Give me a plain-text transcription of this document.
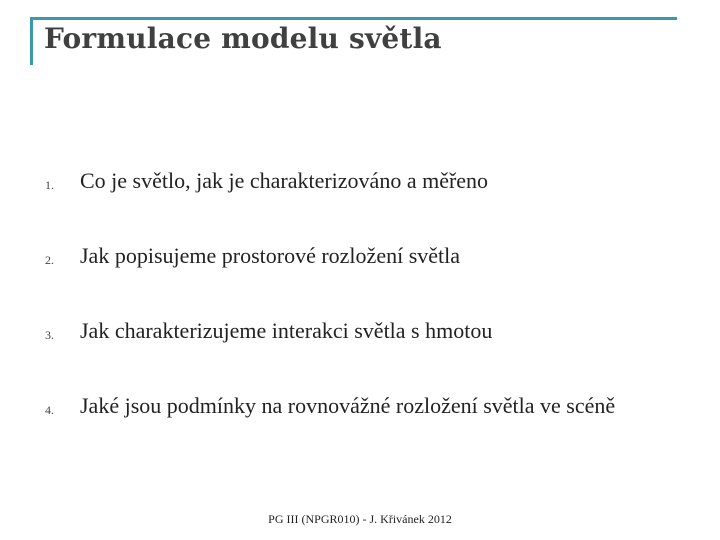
Formulace modelu světla
1.	Co je světlo, jak je charakterizováno a měřeno
2.	Jak popisujeme prostorové rozložení světla
3.	Jak charakterizujeme interakci světla s hmotou
4.	Jaké jsou podmínky na rovnovážné rozložení světla ve scéně
PG III (NPGR010) - J. Křivánek 2012
